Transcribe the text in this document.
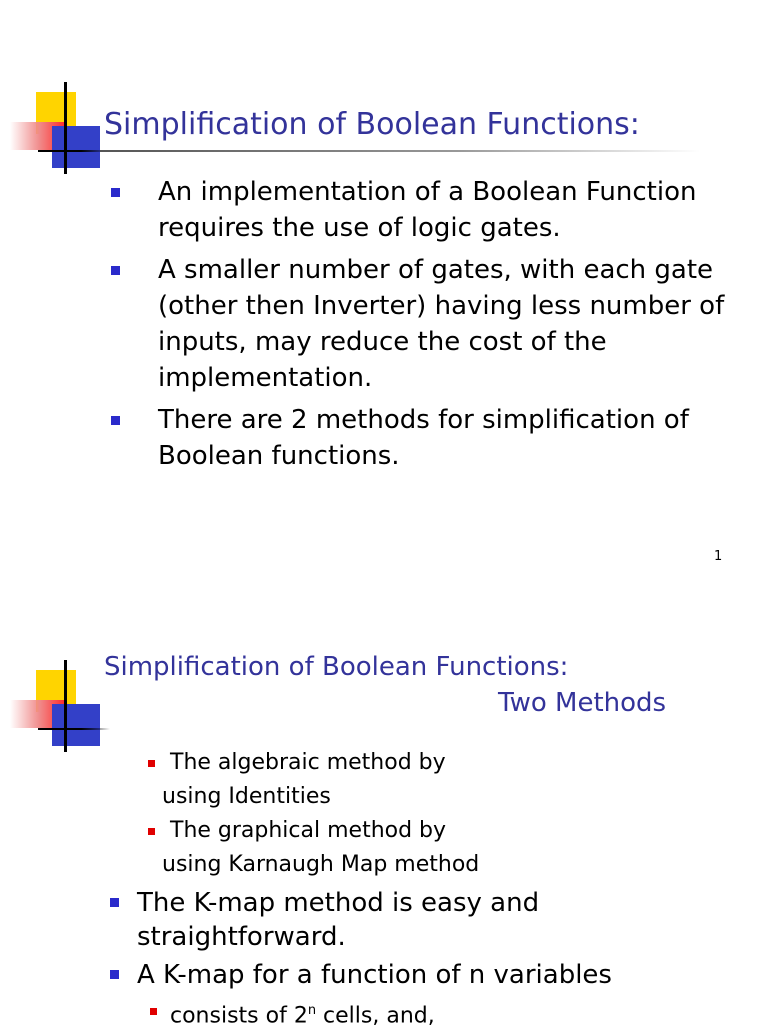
Simplification of Boolean Functions:
An implementation of a Boolean Function requires the use of logic gates.
A smaller number of gates, with each gate (other then Inverter) having less number of inputs, may reduce the cost of the implementation.
There are 2 methods for simplification of Boolean functions.
1
Simplification of Boolean Functions:
Two Methods
The algebraic method by
using Identities
The graphical method by
using Karnaugh Map method
The K-map method is easy and straightforward.
A K-map for a function of n variables
consists of 2$^n$ cells, and,
